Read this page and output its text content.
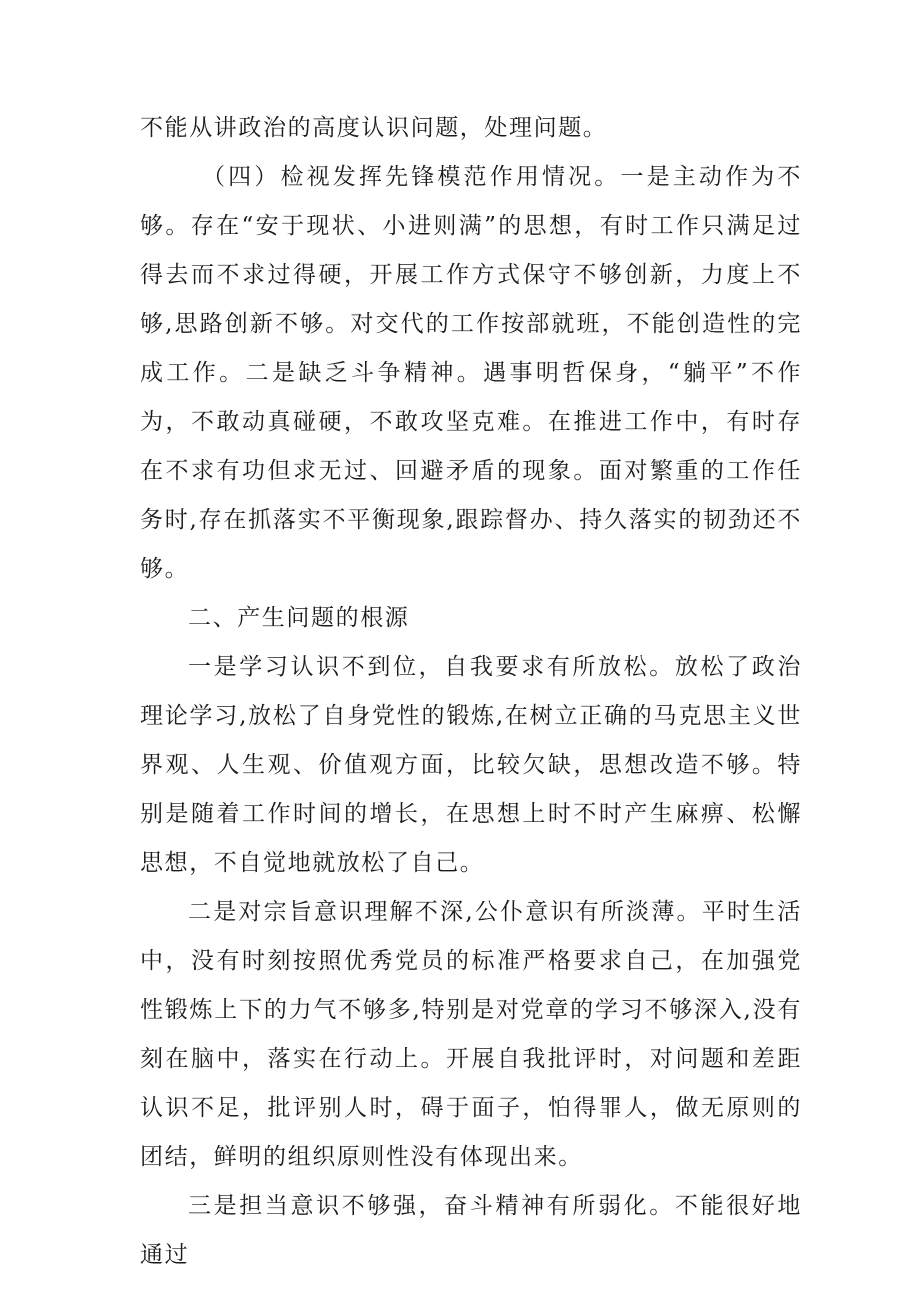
不能从讲政治的高度认识问题，处理问题。

（四）检视发挥先锋模范作用情况。一是主动作为不够。存在“安于现状、小进则满”的思想，有时工作只满足过得去而不求过得硬，开展工作方式保守不够创新，力度上不够,思路创新不够。对交代的工作按部就班，不能创造性的完成工作。二是缺乏斗争精神。遇事明哲保身，“躺平”不作为，不敢动真碰硬，不敢攻坚克难。在推进工作中，有时存在不求有功但求无过、回避矛盾的现象。面对繁重的工作任务时,存在抓落实不平衡现象,跟踪督办、持久落实的韧劲还不够。

二、产生问题的根源

一是学习认识不到位，自我要求有所放松。放松了政治理论学习,放松了自身党性的锻炼,在树立正确的马克思主义世界观、人生观、价值观方面，比较欠缺，思想改造不够。特别是随着工作时间的增长，在思想上时不时产生麻痹、松懈思想，不自觉地就放松了自己。

二是对宗旨意识理解不深,公仆意识有所淡薄。平时生活中，没有时刻按照优秀党员的标准严格要求自己，在加强党性锻炼上下的力气不够多,特别是对党章的学习不够深入,没有刻在脑中，落实在行动上。开展自我批评时，对问题和差距认识不足，批评别人时，碍于面子，怕得罪人，做无原则的团结，鲜明的组织原则性没有体现出来。

三是担当意识不够强，奋斗精神有所弱化。不能很好地通过
